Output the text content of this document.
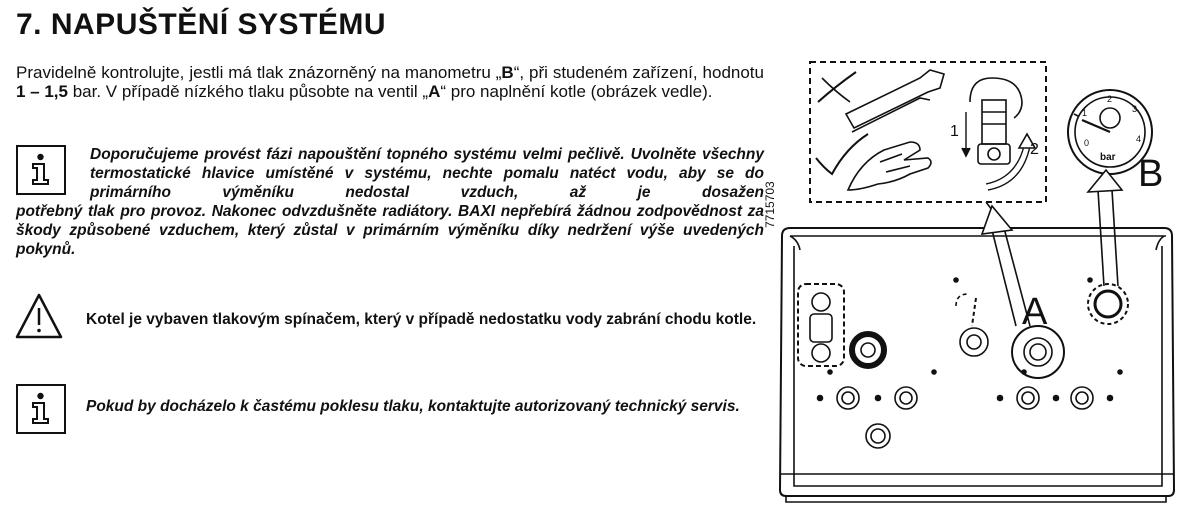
7. NAPUŠTĚNÍ SYSTÉMU

Pravidelně kontrolujte, jestli má tlak znázorněný na manometru „B“, při studeném zařízení, hodnotu 1 – 1,5 bar. V případě nízkého tlaku působte na ventil „A“ pro naplnění kotle (obrázek vedle).

Doporučujeme provést fázi napouštění topného systému velmi pečlivě. Uvolněte všechny termostatické hlavice umístěné v systému, nechte pomalu natéct vodu, aby se do primárního výměníku nedostal vzduch, až je dosažen

potřebný tlak pro provoz. Nakonec odvzdušněte radiátory. BAXI nepřebírá žádnou zodpovědnost za škody způsobené vzduchem, který zůstal v primárním výměníku díky nedržení výše uvedených pokynů.

Kotel je vybaven tlakovým spínačem, který v případě nedostatku vody zabrání chodu kotle.

Pokud by docházelo k častému poklesu tlaku, kontaktujte autorizovaný technický servis.

7715703
0
1
2
3
4
bar
1
2
B
A
